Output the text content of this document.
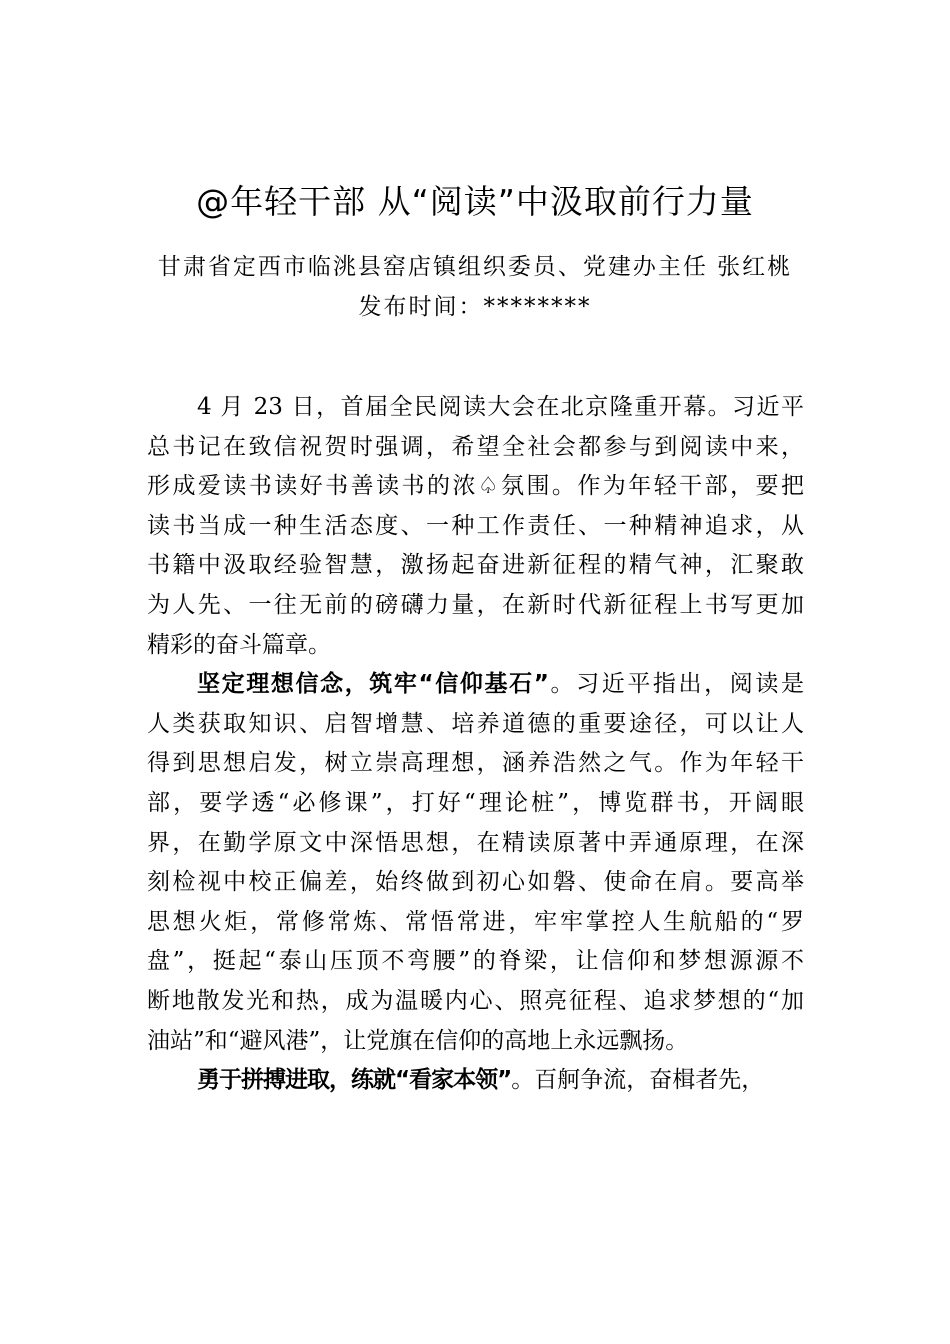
@年轻干部 从“阅读”中汲取前行力量
甘肃省定西市临洮县窑店镇组织委员、党建办主任 张红桃
发布时间：********
4 月 23 日，首届全民阅读大会在北京隆重开幕。习近平
总书记在致信祝贺时强调，希望全社会都参与到阅读中来，
形成爱读书读好书善读书的浓♤氛围。作为年轻干部，要把
读书当成一种生活态度、一种工作责任、一种精神追求，从
书籍中汲取经验智慧，激扬起奋进新征程的精气神，汇聚敢
为人先、一往无前的磅礴力量，在新时代新征程上书写更加
精彩的奋斗篇章。
坚定理想信念，筑牢“信仰基石”。习近平指出，阅读是
人类获取知识、启智增慧、培养道德的重要途径，可以让人
得到思想启发，树立崇高理想，涵养浩然之气。作为年轻干
部，要学透“必修课”，打好“理论桩”，博览群书，开阔眼
界，在勤学原文中深悟思想，在精读原著中弄通原理，在深
刻检视中校正偏差，始终做到初心如磐、使命在肩。要高举
思想火炬，常修常炼、常悟常进，牢牢掌控人生航船的“罗
盘”，挺起“泰山压顶不弯腰”的脊梁，让信仰和梦想源源不
断地散发光和热，成为温暖内心、照亮征程、追求梦想的“加
油站”和“避风港”，让党旗在信仰的高地上永远飘扬。
勇于拼搏进取，练就“看家本领”。百舸争流，奋楫者先，
